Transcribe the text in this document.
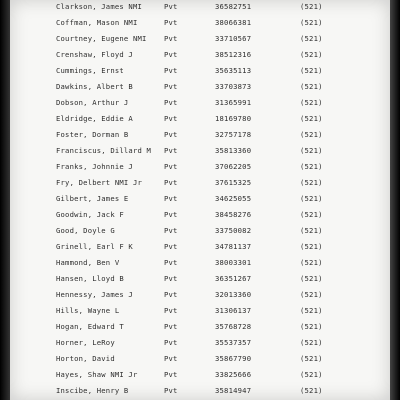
Clarkson, James NMI	Pvt	36582751	(521)
Coffman, Mason NMI	Pvt	38066381	(521)
Courtney, Eugene NMI Pvt	33710567	(521)
Crenshaw, Floyd J	Pvt	38512316	(521)
Cummings, Ernst	Pvt	35635113	(521)
Dawkins, Albert B	Pvt	33703873	(521)
Dobson, Arthur J	Pvt	31365991	(521)
Eldridge, Eddie A	Pvt	18169780	(521)
Foster, Dorman B	Pvt	32757178	(521)
Franciscus, Dillard M Pvt	35813360	(521)
Franks, Johnnie J	Pvt	37062205	(521)
Fry, Delbert NMI Jr	Pvt	37615325	(521)
Gilbert, James E	Pvt	34625055	(521)
Goodwin, Jack F	Pvt	38458276	(521)
Good, Doyle G	Pvt	33750082	(521)
Grinell, Earl F K	Pvt	34781137	(521)
Hammond, Ben V	Pvt	38003301	(521)
Hansen, Lloyd B	Pvt	36351267	(521)
Hennessy, James J	Pvt	32013360	(521)
Hills, Wayne L	Pvt	31306137	(521)
Hogan, Edward T	Pvt	35768728	(521)
Horner, LeRoy	Pvt	35537357	(521)
Horton, David	Pvt	35867790	(521)
Hayes, Shaw NMI Jr	Pvt	33825666	(521)
Inscibe, Henry B	Pvt	35814947	(521)
